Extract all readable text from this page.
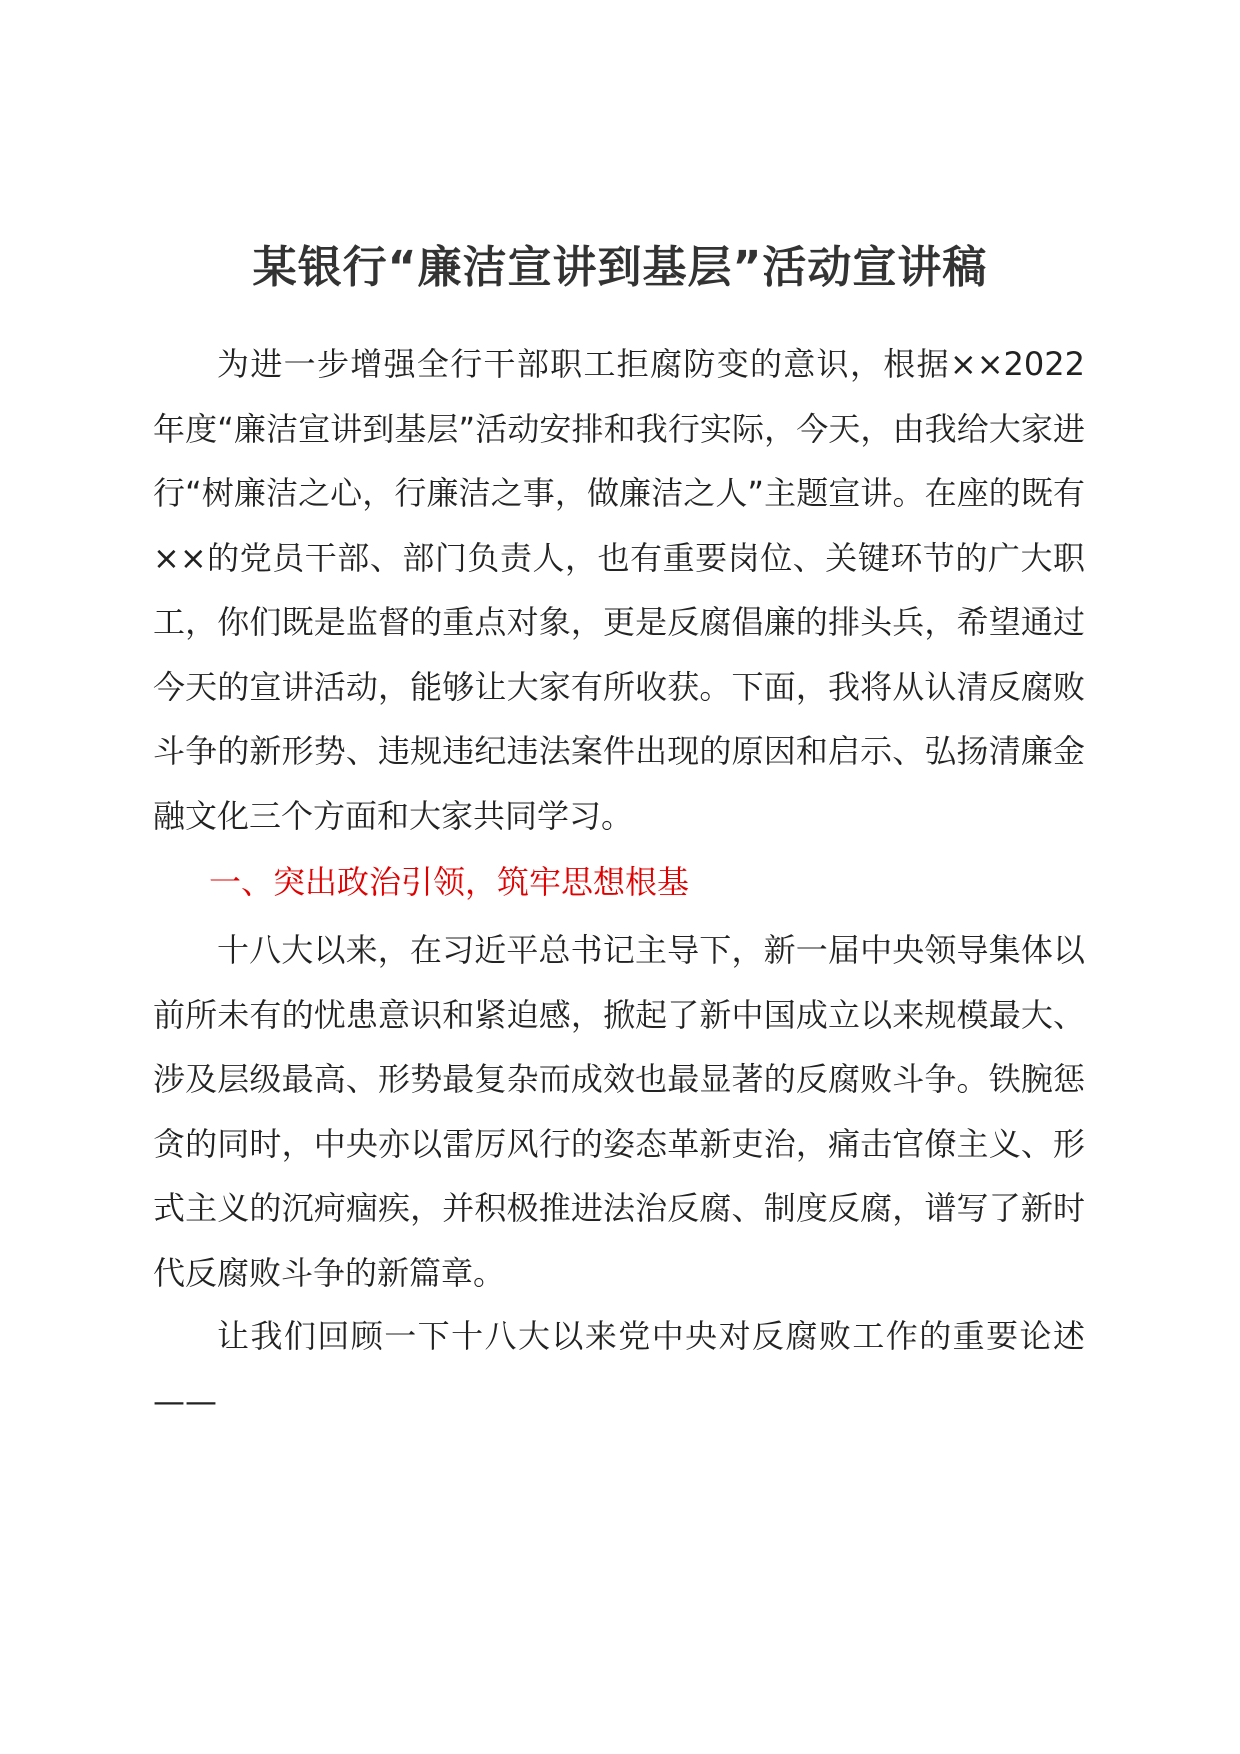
某银行“廉洁宣讲到基层”活动宣讲稿

为进一步增强全行干部职工拒腐防变的意识，根据××2022年度“廉洁宣讲到基层”活动安排和我行实际，今天，由我给大家进行“树廉洁之心，行廉洁之事，做廉洁之人”主题宣讲。在座的既有××的党员干部、部门负责人，也有重要岗位、关键环节的广大职工，你们既是监督的重点对象，更是反腐倡廉的排头兵，希望通过今天的宣讲活动，能够让大家有所收获。下面，我将从认清反腐败斗争的新形势、违规违纪违法案件出现的原因和启示、弘扬清廉金融文化三个方面和大家共同学习。

一、突出政治引领，筑牢思想根基

十八大以来，在习近平总书记主导下，新一届中央领导集体以前所未有的忧患意识和紧迫感，掀起了新中国成立以来规模最大、涉及层级最高、形势最复杂而成效也最显著的反腐败斗争。铁腕惩贪的同时，中央亦以雷厉风行的姿态革新吏治，痛击官僚主义、形式主义的沉疴痼疾，并积极推进法治反腐、制度反腐，谱写了新时代反腐败斗争的新篇章。

让我们回顾一下十八大以来党中央对反腐败工作的重要论述——
